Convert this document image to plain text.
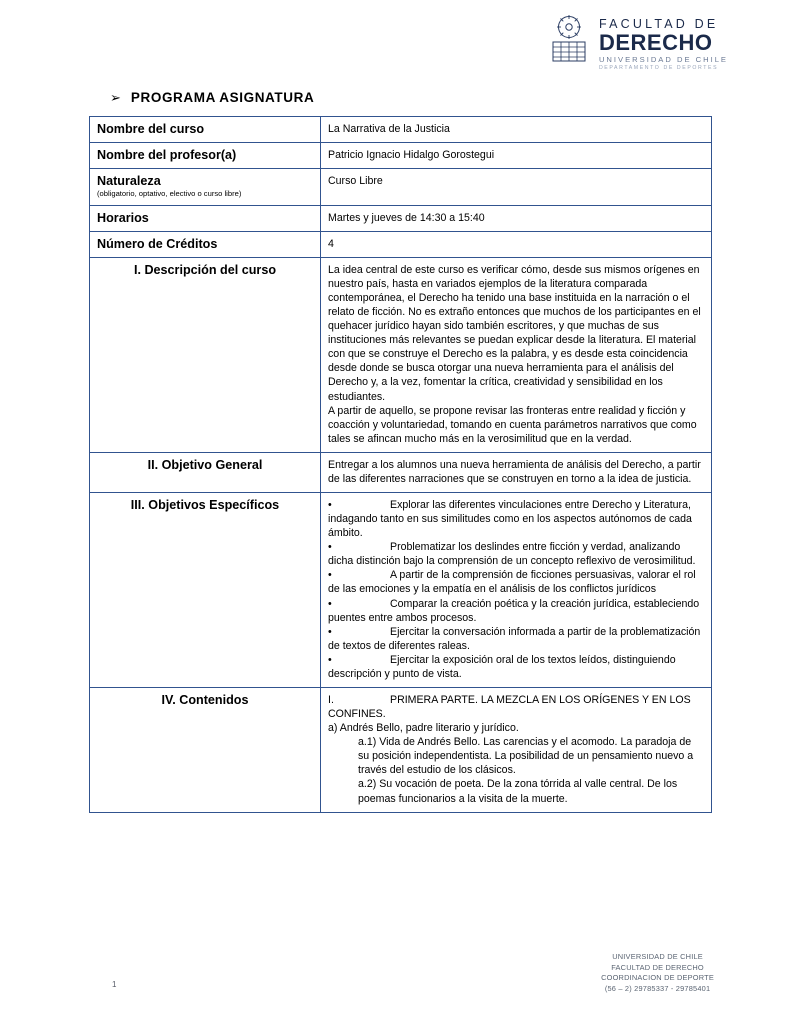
FACULTAD DE
DERECHO
UNIVERSIDAD DE CHILE
DEPARTAMENTO DE DEPORTES
➢ PROGRAMA ASIGNATURA
Nombre del curso	La Narrativa de la Justicia

Nombre del profesor(a)	Patricio Ignacio Hidalgo Gorostegui

Naturaleza
(obligatorio, optativo, electivo o curso libre)	Curso Libre

Horarios	Martes y jueves de 14:30 a 15:40

Número de Créditos	4

I. Descripción del curso	La idea central de este curso es verificar cómo, desde sus mismos orígenes en nuestro país, hasta en variados ejemplos de la literatura comparada contemporánea, el Derecho ha tenido una base instituida en la narración o el relato de ficción. No es extraño entonces que muchos de los participantes en el quehacer jurídico hayan sido también escritores, y que muchas de sus instituciones más relevantes se puedan explicar desde la literatura. El material con que se construye el Derecho es la palabra, y es desde esta coincidencia desde donde se busca otorgar una nueva herramienta para el análisis del Derecho y, a la vez, fomentar la crítica, creatividad y sensibilidad en los estudiantes.

A partir de aquello, se propone revisar las fronteras entre realidad y ficción y coacción y voluntariedad, tomando en cuenta parámetros narrativos que como tales se afincan mucho más en la verosimilitud que en la verdad.

II. Objetivo General	Entregar a los alumnos una nueva herramienta de análisis del Derecho, a partir de las diferentes narraciones que se construyen en torno a la idea de justicia.

III. Objetivos Específicos	•	Explorar las diferentes vinculaciones entre Derecho y Literatura, indagando tanto en sus similitudes como en los aspectos autónomos de cada ámbito.
•	Problematizar los deslindes entre ficción y verdad, analizando dicha distinción bajo la comprensión de un concepto reflexivo de verosimilitud.
•	A partir de la comprensión de ficciones persuasivas, valorar el rol de las emociones y la empatía en el análisis de los conflictos jurídicos
•	Comparar la creación poética y la creación jurídica, estableciendo puentes entre ambos procesos.
•	Ejercitar la conversación informada a partir de la problematización de textos de diferentes raleas.
•	Ejercitar la exposición oral de los textos leídos, distinguiendo descripción y punto de vista.

IV. Contenidos	I. PRIMERA PARTE. LA MEZCLA EN LOS ORÍGENES Y EN LOS CONFINES.
a) Andrés Bello, padre literario y jurídico.
a.1) Vida de Andrés Bello. Las carencias y el acomodo. La paradoja de su posición independentista. La posibilidad de un pensamiento nuevo a través del estudio de los clásicos.
a.2) Su vocación de poeta. De la zona tórrida al valle central. De los poemas funcionarios a la visita de la muerte.
1
UNIVERSIDAD DE CHILE
FACULTAD DE DERECHO
COORDINACION DE DEPORTE
(56 – 2) 29785337 - 29785401
